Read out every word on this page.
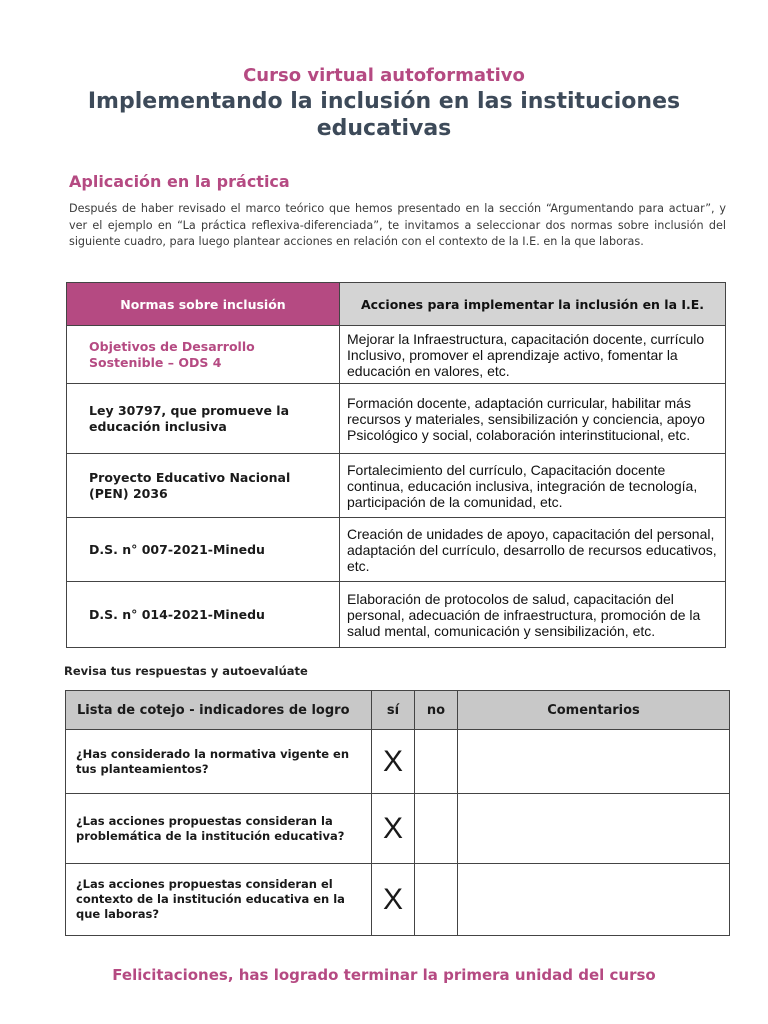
Curso virtual autoformativo
Implementando la inclusión en las instituciones
educativas
Aplicación en la práctica
Después de haber revisado el marco teórico que hemos presentado en la sección “Argumentando para actuar”, y ver el ejemplo en “La práctica reflexiva-diferenciada”, te invitamos a seleccionar dos normas sobre inclusión del siguiente cuadro, para luego plantear acciones en relación con el contexto de la I.E. en la que laboras.
Normas sobre inclusión	Acciones para implementar la inclusión en la I.E.
Objetivos de Desarrollo Sostenible – ODS 4	Mejorar la Infraestructura, capacitación docente, currículo Inclusivo, promover el aprendizaje activo, fomentar la educación en valores, etc.
Ley 30797, que promueve la educación inclusiva	Formación docente, adaptación curricular, habilitar más recursos y materiales, sensibilización y conciencia, apoyo Psicológico y social, colaboración interinstitucional, etc.
Proyecto Educativo Nacional (PEN) 2036	Fortalecimiento del currículo, Capacitación docente continua, educación inclusiva, integración de tecnología, participación de la comunidad, etc.
D.S. n° 007-2021-Minedu	Creación de unidades de apoyo, capacitación del personal, adaptación del currículo, desarrollo de recursos educativos, etc.
D.S. n° 014-2021-Minedu	Elaboración de protocolos de salud, capacitación del personal, adecuación de infraestructura, promoción de la salud mental, comunicación y sensibilización, etc.
Revisa tus respuestas y autoevalúate
Lista de cotejo - indicadores de logro	sí	no	Comentarios
¿Has considerado la normativa vigente en tus planteamientos?	X		
¿Las acciones propuestas consideran la problemática de la institución educativa?	X		
¿Las acciones propuestas consideran el contexto de la institución educativa en la que laboras?	X		
Felicitaciones, has logrado terminar la primera unidad del curso
